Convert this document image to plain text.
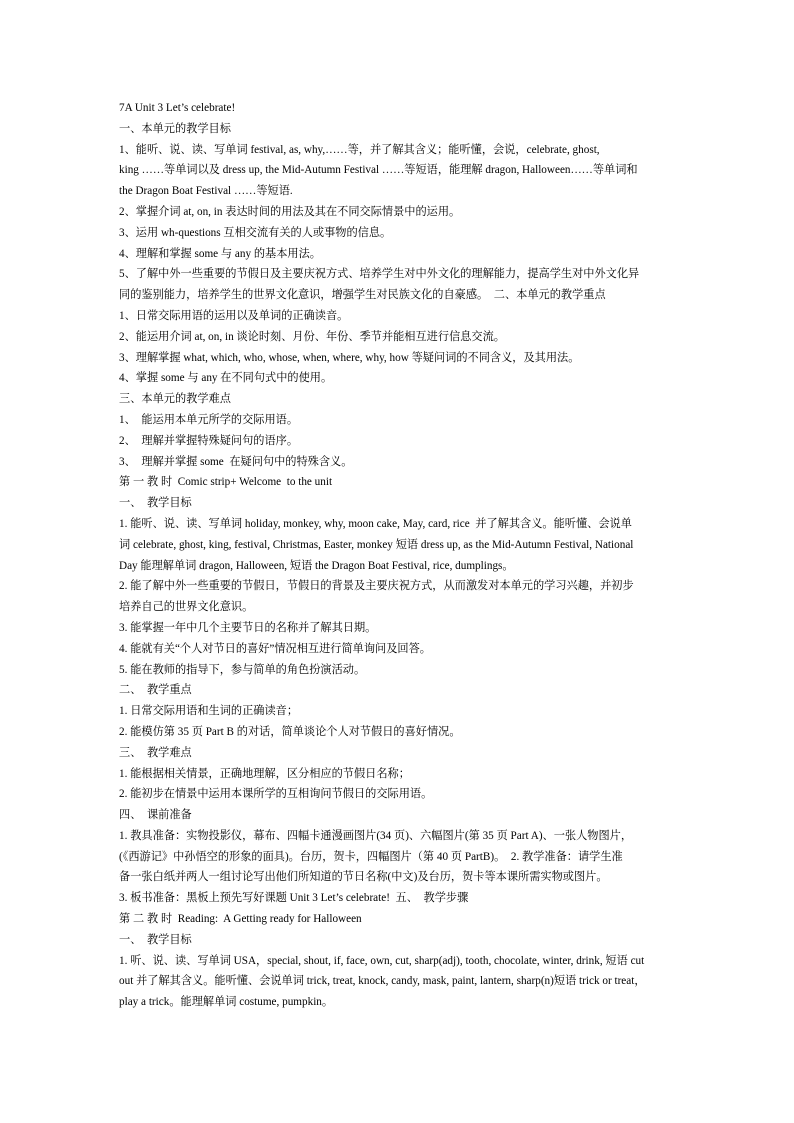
7A Unit 3 Let’s celebrate!
一、本单元的教学目标
1、能听、说、读、写单词 festival, as, why,……等，并了解其含义；能听懂，会说，celebrate, ghost,
king ……等单词以及 dress up, the Mid-Autumn Festival ……等短语，能理解 dragon, Halloween……等单词和
the Dragon Boat Festival ……等短语.
2、掌握介词 at, on, in 表达时间的用法及其在不同交际情景中的运用。
3、运用 wh-questions 互相交流有关的人或事物的信息。
4、理解和掌握 some 与 any 的基本用法。
5、了解中外一些重要的节假日及主要庆祝方式、培养学生对中外文化的理解能力，提高学生对中外文化异
同的鉴别能力，培养学生的世界文化意识，增强学生对民族文化的自豪感。  二、本单元的教学重点
1、日常交际用语的运用以及单词的正确读音。
2、能运用介词 at, on, in 谈论时刻、月份、年份、季节并能相互进行信息交流。
3、理解掌握 what, which, who, whose, when, where, why, how 等疑问词的不同含义，及其用法。
4、掌握 some 与 any 在不同句式中的使用。
三、本单元的教学难点
1、  能运用本单元所学的交际用语。
2、  理解并掌握特殊疑问句的语序。
3、  理解并掌握 some  在疑问句中的特殊含义。
第 一 教 时  Comic strip+ Welcome  to the unit
一、  教学目标
1. 能听、说、读、写单词 holiday, monkey, why, moon cake, May, card, rice  并了解其含义。能听懂、会说单
词 celebrate, ghost, king, festival, Christmas, Easter, monkey 短语 dress up, as the Mid-Autumn Festival, National
Day 能理解单词 dragon, Halloween, 短语 the Dragon Boat Festival, rice, dumplings。
2. 能了解中外一些重要的节假日，节假日的背景及主要庆祝方式，从而激发对本单元的学习兴趣，并初步
培养自己的世界文化意识。
3. 能掌握一年中几个主要节日的名称并了解其日期。
4. 能就有关“个人对节日的喜好”情况相互进行简单询问及回答。
5. 能在教师的指导下，参与简单的角色扮演活动。
二、  教学重点
1. 日常交际用语和生词的正确读音；
2. 能模仿第 35 页 Part B 的对话，简单谈论个人对节假日的喜好情况。
三、  教学难点
1. 能根据相关情景，正确地理解，区分相应的节假日名称；
2. 能初步在情景中运用本课所学的互相询问节假日的交际用语。
四、  课前准备
1. 教具准备：实物投影仪，幕布、四幅卡通漫画图片(34 页)、六幅图片(第 35 页 Part A)、一张人物图片，
(《西游记》中孙悟空的形象的面具)。台历，贺卡，四幅图片（第 40 页 PartB)。  2. 教学准备：请学生准
备一张白纸并两人一组讨论写出他们所知道的节日名称(中文)及台历，贺卡等本课所需实物或图片。
3. 板书准备：黑板上预先写好课题 Unit 3 Let’s celebrate!  五、  教学步骤
第 二 教 时  Reading:  A Getting ready for Halloween
一、  教学目标
1. 听、说、读、写单词 USA，special, shout, if, face, own, cut, sharp(adj), tooth, chocolate, winter, drink, 短语 cut
out 并了解其含义。能听懂、会说单词 trick, treat, knock, candy, mask, paint, lantern, sharp(n)短语 trick or treat，
play a trick。能理解单词 costume, pumpkin。
